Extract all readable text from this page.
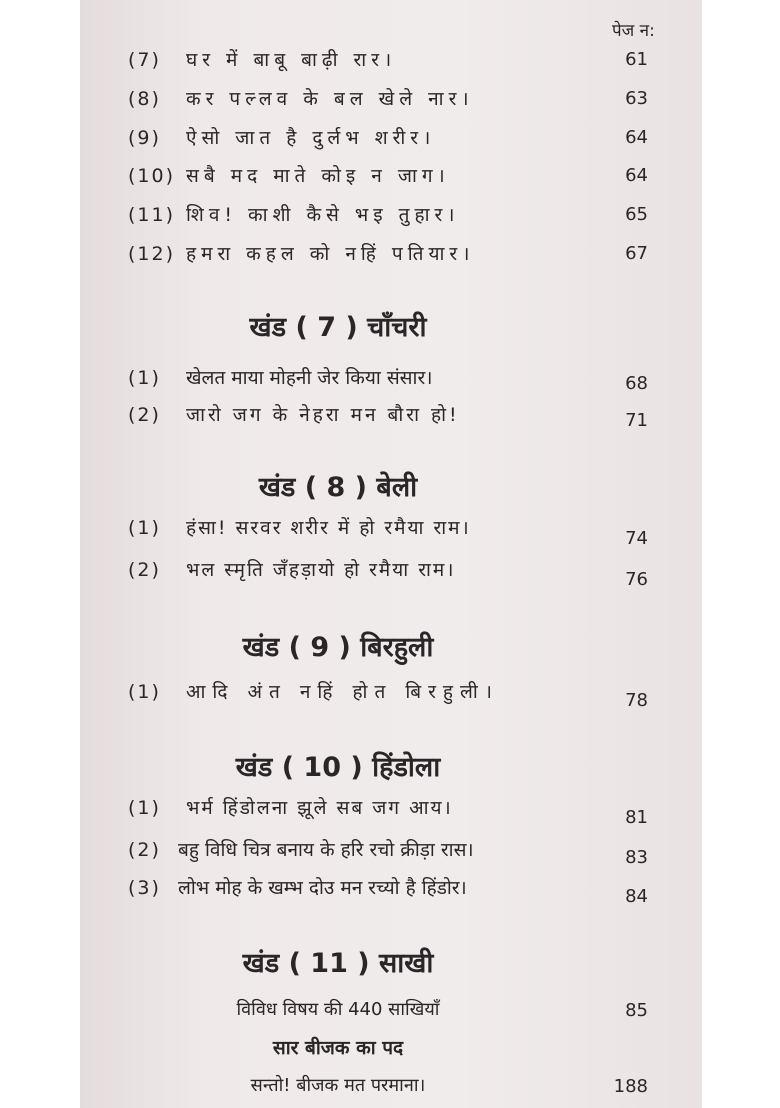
पेज न:
(7) घर में बाबू बाढ़ी रार।	61
(8) कर पल्लव के बल खेले नार।	63
(9) ऐसो जात है दुर्लभ शरीर।	64
(10) सबै मद माते कोइ न जाग।	64
(11) शिव! काशी कैसे भइ तुहार।	65
(12) हमरा कहल को नहिं पतियार।	67
खंड ( 7 ) चाँचरी
(1) खेलत माया मोहनी जेर किया संसार।	68
(2) जारो जग के नेहरा मन बौरा हो!	71
खंड ( 8 ) बेली
(1) हंसा! सरवर शरीर में हो रमैया राम।	74
(2) भल स्मृति जँहड़ायो हो रमैया राम।	76
खंड ( 9 ) बिरहुली
(1) आदि अंत नहिं होत बिरहुली।	78
खंड ( 10 ) हिंडोला
(1) भर्म हिंडोलना झूले सब जग आय।	81
(2) बहु विधि चित्र बनाय के हरि रचो क्रीड़ा रास।	83
(3) लोभ मोह के खम्भ दोउ मन रच्यो है हिंडोर।	84
खंड ( 11 ) साखी
विविध विषय की 440 साखियाँ	85
सार बीजक का पद
सन्तो! बीजक मत परमाना।	188
